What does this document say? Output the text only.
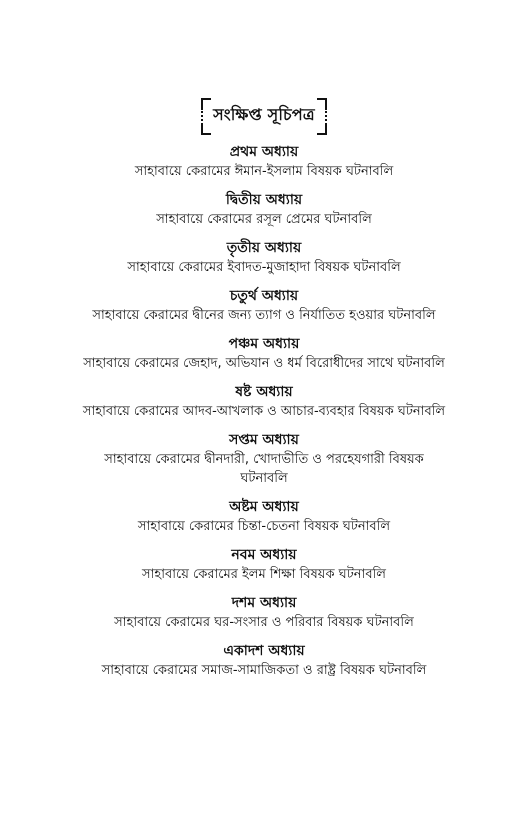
সংক্ষিপ্ত সূচিপত্র
প্রথম অধ্যায়
সাহাবায়ে কেরামের ঈমান-ইসলাম বিষয়ক ঘটনাবলি
দ্বিতীয় অধ্যায়
সাহাবায়ে কেরামের রসূল প্রেমের ঘটনাবলি
তৃতীয় অধ্যায়
সাহাবায়ে কেরামের ইবাদত-মুজাহাদা বিষয়ক ঘটনাবলি
চতুর্থ অধ্যায়
সাহাবায়ে কেরামের দ্বীনের জন্য ত্যাগ ও নির্যাতিত হওয়ার ঘটনাবলি
পঞ্চম অধ্যায়
সাহাবায়ে কেরামের জেহাদ, অভিযান ও ধর্ম বিরোধীদের সাথে ঘটনাবলি
ষষ্ট অধ্যায়
সাহাবায়ে কেরামের আদব-আখলাক ও আচার-ব্যবহার বিষয়ক ঘটনাবলি
সপ্তম অধ্যায়
সাহাবায়ে কেরামের দ্বীনদারী, খোদাভীতি ও পরহেযগারী বিষয়ক ঘটনাবলি
অষ্টম অধ্যায়
সাহাবায়ে কেরামের চিন্তা-চেতনা বিষয়ক ঘটনাবলি
নবম অধ্যায়
সাহাবায়ে কেরামের ইলম শিক্ষা বিষয়ক ঘটনাবলি
দশম অধ্যায়
সাহাবায়ে কেরামের ঘর-সংসার ও পরিবার বিষয়ক ঘটনাবলি
একাদশ অধ্যায়
সাহাবায়ে কেরামের সমাজ-সামাজিকতা ও রাষ্ট্র বিষয়ক ঘটনাবলি
